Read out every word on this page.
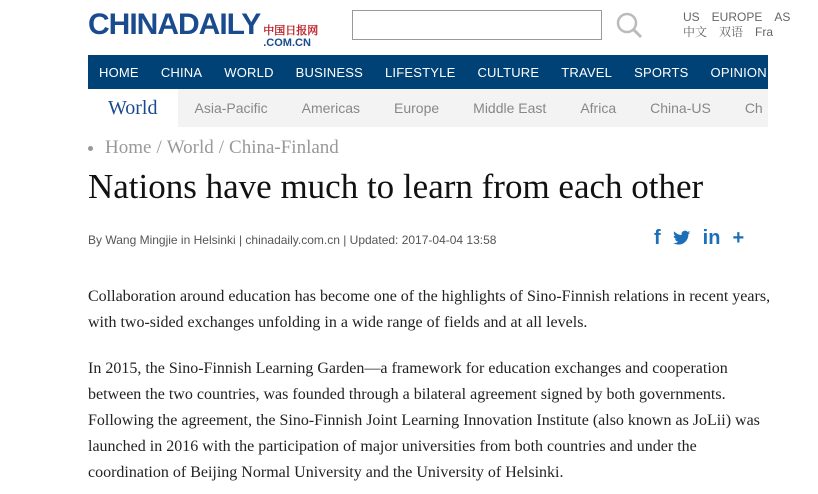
CHINADAILY 中国日报网
.COM.CN
US EUROPE AS
中文 双语 Fra
HOME	CHINA	WORLD	BUSINESS	LIFESTYLE	CULTURE	TRAVEL	SPORTS	OPINION	RE
World	Asia-Pacific	Americas	Europe	Middle East	Africa	China-US	Ch
Home / World / China-Finland
Nations have much to learn from each other
By Wang Mingjie in Helsinki | chinadaily.com.cn | Updated: 2017-04-04 13:58	f in +

Collaboration around education has become one of the highlights of Sino-Finnish relations in recent years, with two-sided exchanges unfolding in a wide range of fields and at all levels.

In 2015, the Sino-Finnish Learning Garden—a framework for education exchanges and cooperation between the two countries, was founded through a bilateral agreement signed by both governments. Following the agreement, the Sino-Finnish Joint Learning Innovation Institute (also known as JoLii) was launched in 2016 with the participation of major universities from both countries and under the coordination of Beijing Normal University and the University of Helsinki.
